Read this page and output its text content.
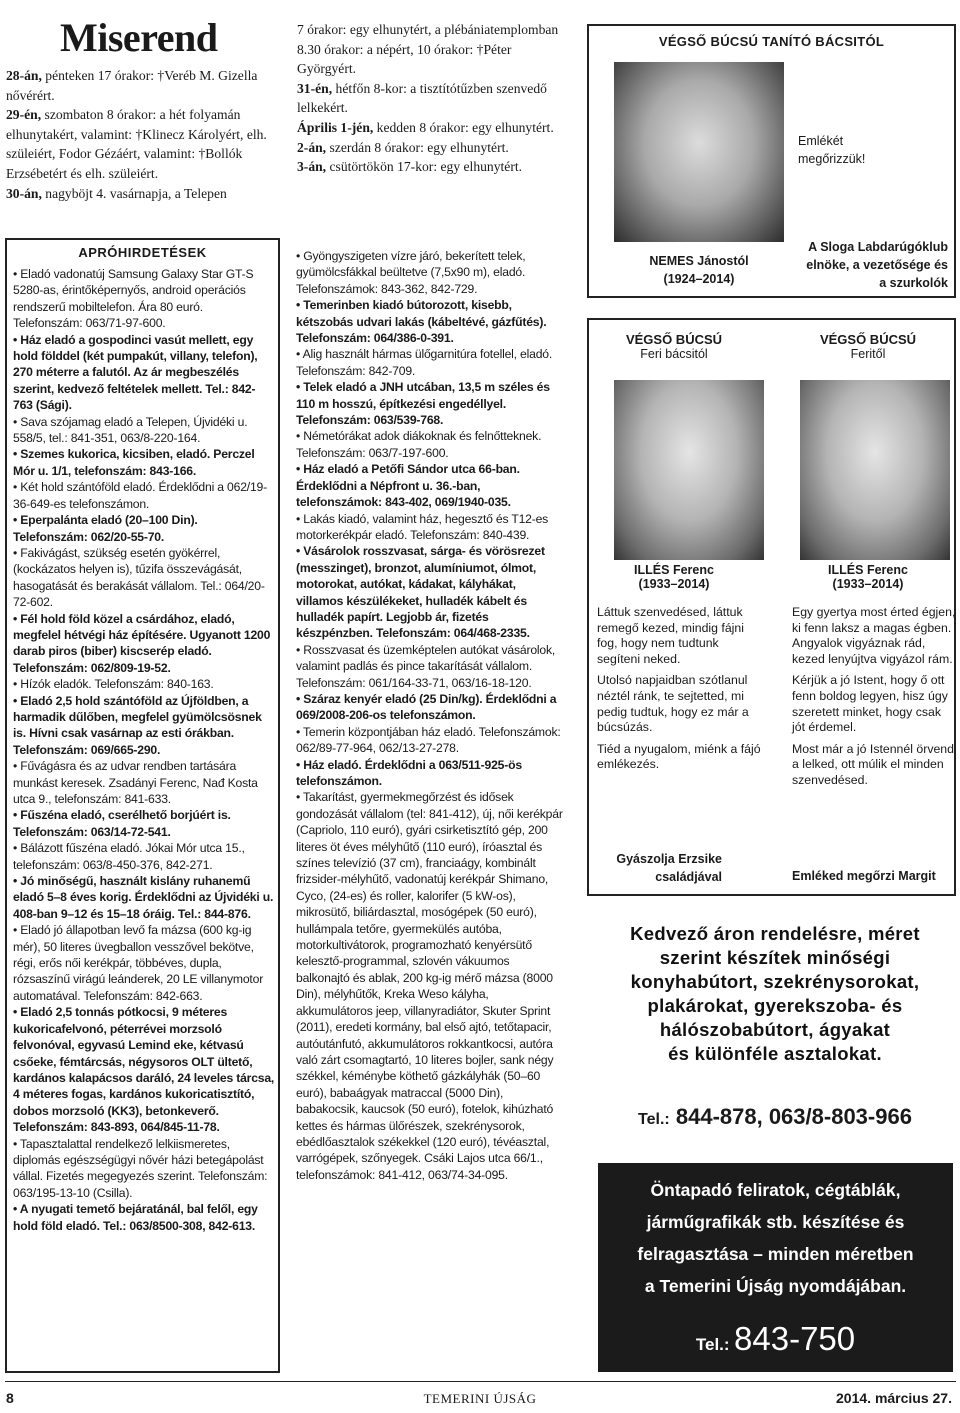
Miserend

28-án, pénteken 17 órakor: †Veréb M. Gizella nővérért.

29-én, szombaton 8 órakor: a hét folyamán elhunytakért, valamint: †Klinecz Károlyért, elh. szüleiért, Fodor Gézáért, valamint: †Bollók Erzsébetért és elh. szüleiért.

30-án, nagyböjt 4. vasárnapja, a Telepen

7 órakor: egy elhunytért, a plébániatemplomban 8.30 órakor: a népért, 10 órakor: †Péter Györgyért.

31-én, hétfőn 8-kor: a tisztítótűzben szenvedő lelkekért.

Április 1-jén, kedden 8 órakor: egy elhunytért.

2-án, szerdán 8 órakor: egy elhunytért.

3-án, csütörtökön 17-kor: egy elhunytért.

APRÓHIRDETÉSEK

• Eladó vadonatúj Samsung Galaxy Star GT-S 5280-as, érintőképernyős, android operációs rendszerű mobiltelefon. Ára 80 euró. Telefonszám: 063/71-97-600.

• Ház eladó a gospodinci vasút mellett, egy hold földdel (két pumpakút, villany, telefon), 270 méterre a falutól. Az ár megbeszélés szerint, kedvező feltételek mellett. Tel.: 842-763 (Sági).

• Sava szójamag eladó a Telepen, Újvidéki u. 558/5, tel.: 841-351, 063/8-220-164.

• Szemes kukorica, kicsiben, eladó. Perczel Mór u. 1/1, telefonszám: 843-166.

• Két hold szántóföld eladó. Érdeklődni a 062/19-36-649-es telefonszámon.

• Eperpalánta eladó (20–100 Din). Telefonszám: 062/20-55-70.

• Fakivágást, szükség esetén gyökérrel, (kockázatos helyen is), tűzifa összevágását, hasogatását és berakását vállalom. Tel.: 064/20-72-602.

• Fél hold föld közel a csárdához, eladó, megfelel hétvégi ház építésére. Ugyanott 1200 darab piros (biber) kiscserép eladó. Telefonszám: 062/809-19-52.

• Hízók eladók. Telefonszám: 840-163.

• Eladó 2,5 hold szántóföld az Újföldben, a harmadik dűlőben, megfelel gyümölcsösnek is. Hívni csak vasárnap az esti órákban. Telefonszám: 069/665-290.

• Fűvágásra és az udvar rendben tartására munkást keresek. Zsadányi Ferenc, Nađ Kosta utca 9., telefonszám: 841-633.

• Fűszéna eladó, cserélhető borjúért is. Telefonszám: 063/14-72-541.

• Bálázott fűszéna eladó. Jókai Mór utca 15., telefonszám: 063/8-450-376, 842-271.

• Jó minőségű, használt kislány ruhanemű eladó 5–8 éves korig. Érdeklődni az Újvidéki u. 408-ban 9–12 és 15–18 óráig. Tel.: 844-876.

• Eladó jó állapotban levő fa mázsa (600 kg-ig mér), 50 literes üvegballon vesszővel bekötve, régi, erős női kerékpár, többéves, dupla, rózsaszínű virágú leánderek, 20 LE villanymotor automatával. Telefonszám: 842-663.

• Eladó 2,5 tonnás pótkocsi, 9 méteres kukoricafelvonó, péterrévei morzsoló felvonóval, egyvasú Lemind eke, kétvasú csőeke, fémtárcsás, négysoros OLT ültető, kardános kalapácsos daráló, 24 leveles tárcsa, 4 méteres fogas, kardános kukoricatisztító, dobos morzsoló (KK3), betonkeverő. Telefonszám: 843-893, 064/845-11-78.

• Tapasztalattal rendelkező lelkiismeretes, diplomás egészségügyi nővér házi betegápolást vállal. Fizetés megegyezés szerint. Telefonszám: 063/195-13-10 (Csilla).

• A nyugati temető bejáratánál, bal felől, egy hold föld eladó. Tel.: 063/8500-308, 842-613.

• Gyöngyszigeten vízre járó, bekerített telek, gyümölcsfákkal beültetve (7,5x90 m), eladó. Telefonszámok: 843-362, 842-729.

• Temerinben kiadó bútorozott, kisebb, kétszobás udvari lakás (kábeltévé, gázfűtés). Telefonszám: 064/386-0-391.

• Alig használt hármas ülőgarnitúra fotellel, eladó. Telefonszám: 842-709.

• Telek eladó a JNH utcában, 13,5 m széles és 110 m hosszú, építkezési engedéllyel. Telefonszám: 063/539-768.

• Németórákat adok diákoknak és felnőtteknek. Telefonszám: 063/7-197-600.

• Ház eladó a Petőfi Sándor utca 66-ban. Érdeklődni a Népfront u. 36.-ban, telefonszámok: 843-402, 069/1940-035.

• Lakás kiadó, valamint ház, hegesztő és T12-es motorkerékpár eladó. Telefonszám: 840-439.

• Vásárolok rosszvasat, sárga- és vörösrezet (messzinget), bronzot, alumíniumot, ólmot, motorokat, autókat, kádakat, kályhákat, villamos készülékeket, hulladék kábelt és hulladék papírt. Legjobb ár, fizetés készpénzben. Telefonszám: 064/468-2335.

• Rosszvasat és üzemképtelen autókat vásárolok, valamint padlás és pince takarítását vállalom. Telefonszám: 061/164-33-71, 063/16-18-120.

• Száraz kenyér eladó (25 Din/kg). Érdeklődni a 069/2008-206-os telefonszámon.

• Temerin központjában ház eladó. Telefonszámok: 062/89-77-964, 062/13-27-278.

• Ház eladó. Érdeklődni a 063/511-925-ös telefonszámon.

• Takarítást, gyermekmegőrzést és idősek gondozását vállalom (tel: 841-412), új, női kerékpár (Capriolo, 110 euró), gyári csirketisztító gép, 200 literes öt éves mélyhűtő (110 euró), íróasztal és színes televízió (37 cm), franciaágy, kombinált frizsider-mélyhűtő, vadonatúj kerékpár Shimano, Cyco, (24-es) és roller, kalorifer (5 kW-os), mikrosütő, biliárdasztal, mosógépek (50 euró), hullámpala tetőre, gyermekülés autóba, motorkultivátorok, programozható kenyérsütő kelesztő-programmal, szlovén vákuumos balkonajtó és ablak, 200 kg-ig mérő mázsa (8000 Din), mélyhűtők, Kreka Weso kályha, akkumulátoros jeep, villanyradiátor, Skuter Sprint (2011), eredeti kormány, bal első ajtó, tetőtapacir, autóutánfutó, akkumulátoros rokkantkocsi, autóra való zárt csomagtartó, 10 literes bojler, sank négy székkel, kéménybe köthető gázkályhák (50–60 euró), babaágyak matraccal (5000 Din), babakocsik, kaucsok (50 euró), fotelok, kihúzható kettes és hármas ülőrészek, szekrénysorok, ebédlőasztalok székekkel (120 euró), tévéasztal, varrógépek, szőnyegek. Csáki Lajos utca 66/1., telefonszámok: 841-412, 063/74-34-095.

VÉGSŐ BÚCSÚ TANÍTÓ BÁCSITÓL
Emlékét megőrizzük!
NEMES Jánostól
(1924–2014)
A Sloga Labdarúgóklub elnöke, a vezetősége és a szurkolók
VÉGSŐ BÚCSÚ
Feri bácsitól
VÉGSŐ BÚCSÚ
Feritől
ILLÉS Ferenc
(1933–2014)
ILLÉS Ferenc
(1933–2014)

Láttuk szenvedésed, láttuk remegő kezed, mindig fájni fog, hogy nem tudtunk segíteni neked.

Utolsó napjaidban szótlanul néztél ránk, te sejtetted, mi pedig tudtuk, hogy ez már a búcsúzás.

Tiéd a nyugalom, miénk a fájó emlékezés.

Gyászolja Erzsike
családjával

Egy gyertya most érted égjen, ki fenn laksz a magas égben. Angyalok vigyáznak rád, kezed lenyújtva vigyázol rám.

Kérjük a jó Istent, hogy ő ott fenn boldog legyen, hisz úgy szeretett minket, hogy csak jót érdemel.

Most már a jó Istennél örvend a lelked, ott múlik el minden szenvedésed.

Emléked megőrzi Margit
Kedvező áron rendelésre, méret
szerint készítek minőségi
konyhabútort, szekrénysorokat,
plakárokat, gyerekszoba- és
hálószobabútort, ágyakat
és különféle asztalokat.
Tel.: 844-878, 063/8-803-966
Öntapadó feliratok, cégtáblák,
járműgrafikák stb. készítése és
felragasztása – minden méretben
a Temerini Újság nyomdájában.
Tel.: 843-750
8	TEMERINI ÚJSÁG	2014. március 27.
